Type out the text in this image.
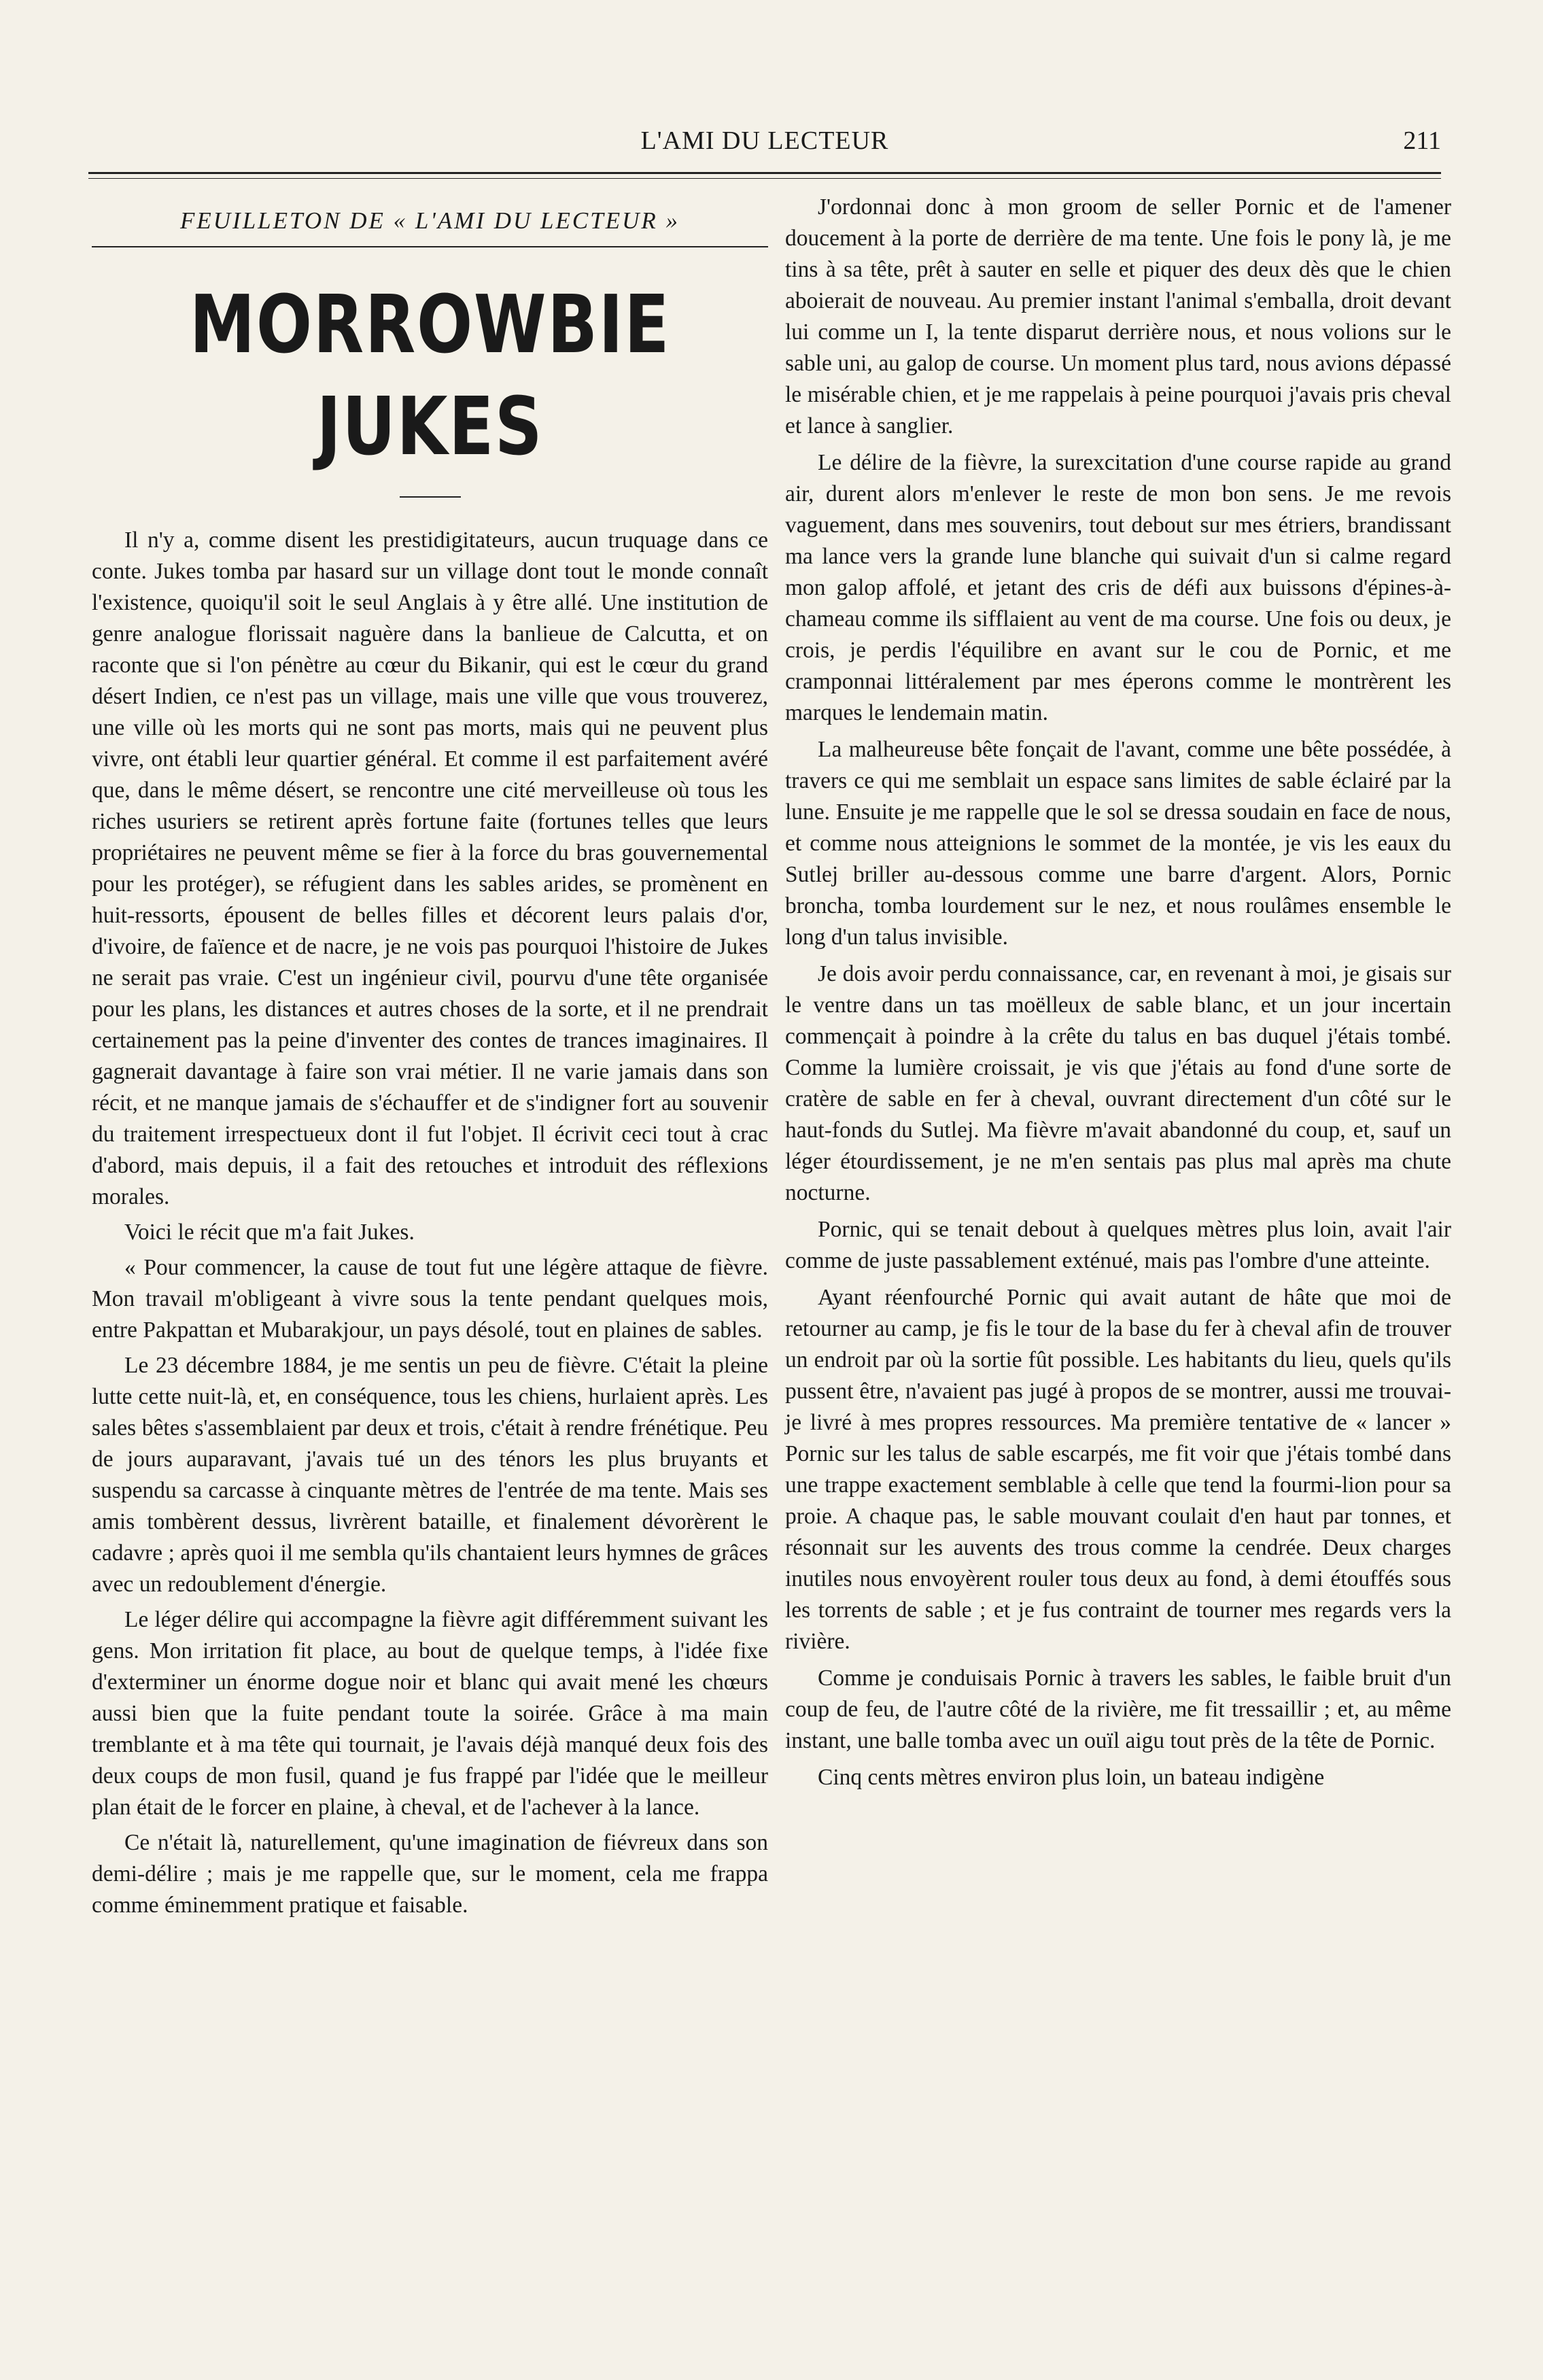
L'AMI DU LECTEUR	211
FEUILLETON DE « L'AMI DU LECTEUR »
MORROWBIE JUKES

Il n'y a, comme disent les prestidigitateurs, aucun truquage dans ce conte. Jukes tomba par hasard sur un village dont tout le monde connaît l'existence, quoiqu'il soit le seul Anglais à y être allé. Une institution de genre analogue florissait naguère dans la banlieue de Calcutta, et on raconte que si l'on pénètre au cœur du Bikanir, qui est le cœur du grand désert Indien, ce n'est pas un village, mais une ville que vous trouverez, une ville où les morts qui ne sont pas morts, mais qui ne peuvent plus vivre, ont établi leur quartier général. Et comme il est parfaitement avéré que, dans le même désert, se rencontre une cité merveilleuse où tous les riches usuriers se retirent après fortune faite (fortunes telles que leurs propriétaires ne peuvent même se fier à la force du bras gouvernemental pour les protéger), se réfugient dans les sables arides, se promènent en huit-ressorts, épousent de belles filles et décorent leurs palais d'or, d'ivoire, de faïence et de nacre, je ne vois pas pourquoi l'histoire de Jukes ne serait pas vraie. C'est un ingénieur civil, pourvu d'une tête organisée pour les plans, les distances et autres choses de la sorte, et il ne prendrait certainement pas la peine d'inventer des contes de trances imaginaires. Il gagnerait davantage à faire son vrai métier. Il ne varie jamais dans son récit, et ne manque jamais de s'échauffer et de s'indigner fort au souvenir du traitement irrespectueux dont il fut l'objet. Il écrivit ceci tout à crac d'abord, mais depuis, il a fait des retouches et introduit des réflexions morales.

Voici le récit que m'a fait Jukes.

« Pour commencer, la cause de tout fut une légère attaque de fièvre. Mon travail m'obligeant à vivre sous la tente pendant quelques mois, entre Pakpattan et Mubarakjour, un pays désolé, tout en plaines de sables.

Le 23 décembre 1884, je me sentis un peu de fièvre. C'était la pleine lutte cette nuit-là, et, en conséquence, tous les chiens, hurlaient après. Les sales bêtes s'assemblaient par deux et trois, c'était à rendre frénétique. Peu de jours auparavant, j'avais tué un des ténors les plus bruyants et suspendu sa carcasse à cinquante mètres de l'entrée de ma tente. Mais ses amis tombèrent dessus, livrèrent bataille, et finalement dévorèrent le cadavre ; après quoi il me sembla qu'ils chantaient leurs hymnes de grâces avec un redoublement d'énergie.

Le léger délire qui accompagne la fièvre agit différemment suivant les gens. Mon irritation fit place, au bout de quelque temps, à l'idée fixe d'exterminer un énorme dogue noir et blanc qui avait mené les chœurs aussi bien que la fuite pendant toute la soirée. Grâce à ma main tremblante et à ma tête qui tournait, je l'avais déjà manqué deux fois des deux coups de mon fusil, quand je fus frappé par l'idée que le meilleur plan était de le forcer en plaine, à cheval, et de l'achever à la lance.

Ce n'était là, naturellement, qu'une imagination de fiévreux dans son demi-délire ; mais je me rappelle que, sur le moment, cela me frappa comme éminemment pratique et faisable.

J'ordonnai donc à mon groom de seller Pornic et de l'amener doucement à la porte de derrière de ma tente. Une fois le pony là, je me tins à sa tête, prêt à sauter en selle et piquer des deux dès que le chien aboierait de nouveau. Au premier instant l'animal s'emballa, droit devant lui comme un I, la tente disparut derrière nous, et nous volions sur le sable uni, au galop de course. Un moment plus tard, nous avions dépassé le misérable chien, et je me rappelais à peine pourquoi j'avais pris cheval et lance à sanglier.

Le délire de la fièvre, la surexcitation d'une course rapide au grand air, durent alors m'enlever le reste de mon bon sens. Je me revois vaguement, dans mes souvenirs, tout debout sur mes étriers, brandissant ma lance vers la grande lune blanche qui suivait d'un si calme regard mon galop affolé, et jetant des cris de défi aux buissons d'épines-à-chameau comme ils sifflaient au vent de ma course. Une fois ou deux, je crois, je perdis l'équilibre en avant sur le cou de Pornic, et me cramponnai littéralement par mes éperons comme le montrèrent les marques le lendemain matin.

La malheureuse bête fonçait de l'avant, comme une bête possédée, à travers ce qui me semblait un espace sans limites de sable éclairé par la lune. Ensuite je me rappelle que le sol se dressa soudain en face de nous, et comme nous atteignions le sommet de la montée, je vis les eaux du Sutlej briller au-dessous comme une barre d'argent. Alors, Pornic broncha, tomba lourdement sur le nez, et nous roulâmes ensemble le long d'un talus invisible.

Je dois avoir perdu connaissance, car, en revenant à moi, je gisais sur le ventre dans un tas moëlleux de sable blanc, et un jour incertain commençait à poindre à la crête du talus en bas duquel j'étais tombé. Comme la lumière croissait, je vis que j'étais au fond d'une sorte de cratère de sable en fer à cheval, ouvrant directement d'un côté sur le haut-fonds du Sutlej. Ma fièvre m'avait abandonné du coup, et, sauf un léger étourdissement, je ne m'en sentais pas plus mal après ma chute nocturne.

Pornic, qui se tenait debout à quelques mètres plus loin, avait l'air comme de juste passablement exténué, mais pas l'ombre d'une atteinte.

Ayant réenfourché Pornic qui avait autant de hâte que moi de retourner au camp, je fis le tour de la base du fer à cheval afin de trouver un endroit par où la sortie fût possible. Les habitants du lieu, quels qu'ils pussent être, n'avaient pas jugé à propos de se montrer, aussi me trouvai-je livré à mes propres ressources. Ma première tentative de « lancer » Pornic sur les talus de sable escarpés, me fit voir que j'étais tombé dans une trappe exactement semblable à celle que tend la fourmi-lion pour sa proie. A chaque pas, le sable mouvant coulait d'en haut par tonnes, et résonnait sur les auvents des trous comme la cendrée. Deux charges inutiles nous envoyèrent rouler tous deux au fond, à demi étouffés sous les torrents de sable ; et je fus contraint de tourner mes regards vers la rivière.

Comme je conduisais Pornic à travers les sables, le faible bruit d'un coup de feu, de l'autre côté de la rivière, me fit tressaillir ; et, au même instant, une balle tomba avec un ouïl aigu tout près de la tête de Pornic.

Cinq cents mètres environ plus loin, un bateau indigène
